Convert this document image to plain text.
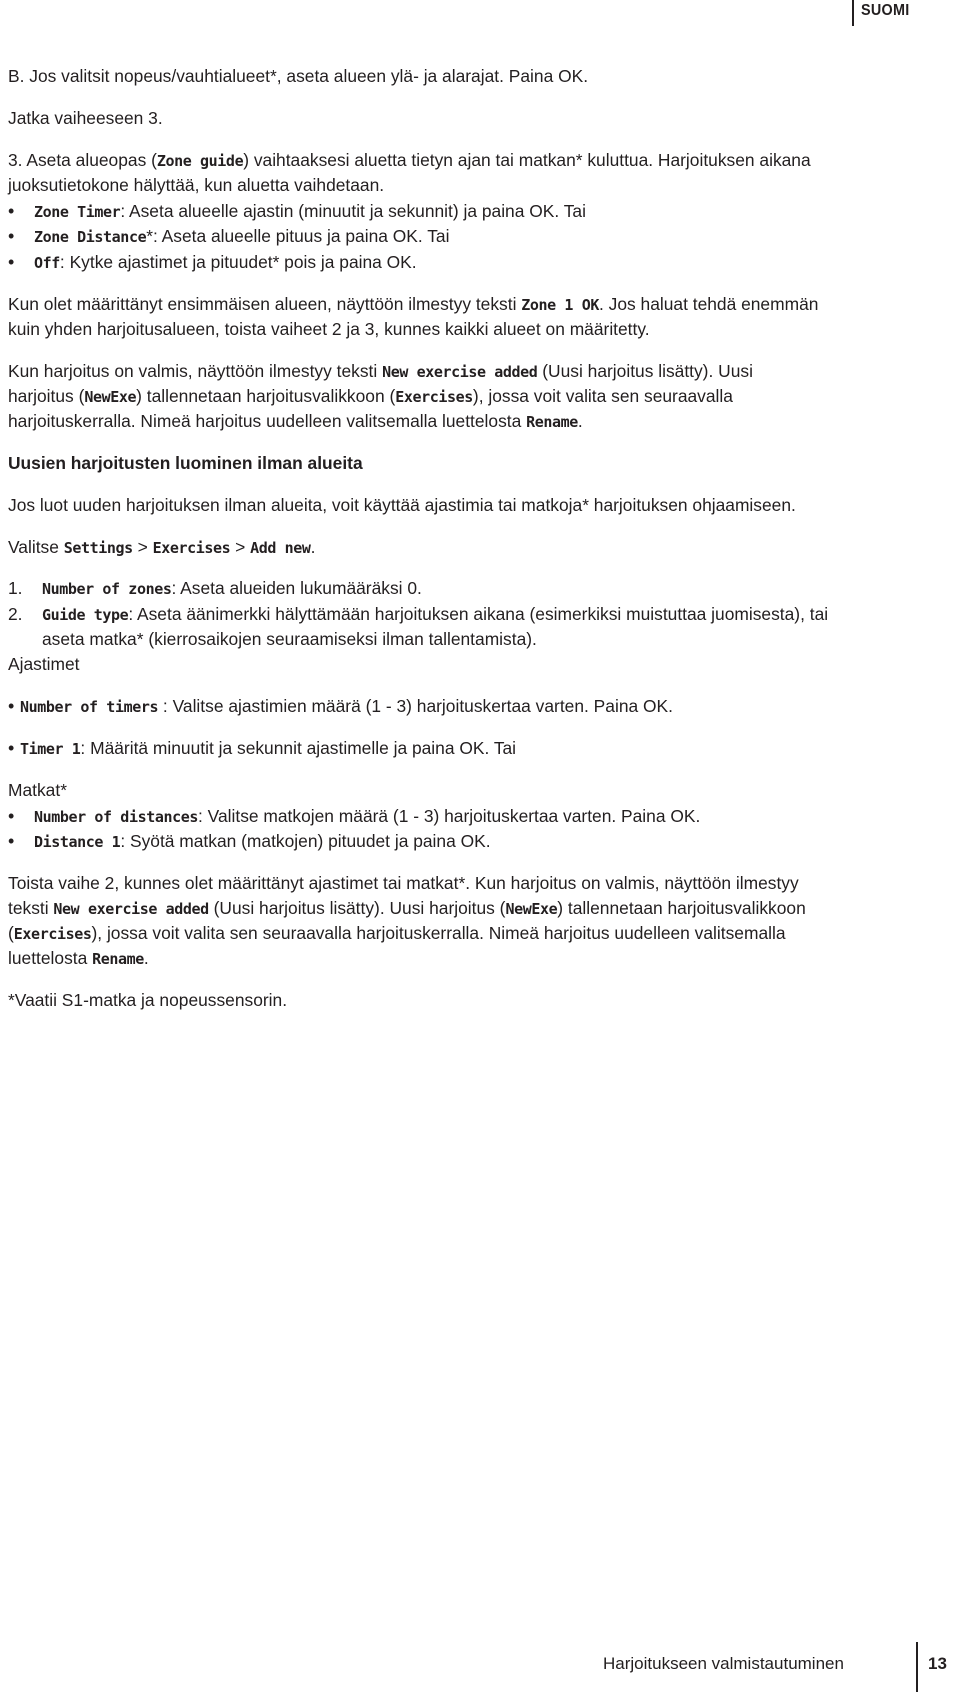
SUOMI
B. Jos valitsit nopeus/vauhtialueet*, aseta alueen ylä- ja alarajat. Paina OK.
Jatka vaiheeseen 3.
3. Aseta alueopas (Zone guide) vaihtaaksesi aluetta tietyn ajan tai matkan* kuluttua. Harjoituksen aikana
juoksutietokone hälyttää, kun aluetta vaihdetaan.
• Zone Timer: Aseta alueelle ajastin (minuutit ja sekunnit) ja paina OK. Tai
• Zone Distance*: Aseta alueelle pituus ja paina OK. Tai
• Off: Kytke ajastimet ja pituudet* pois ja paina OK.
Kun olet määrittänyt ensimmäisen alueen, näyttöön ilmestyy teksti Zone 1 OK. Jos haluat tehdä enemmän
kuin yhden harjoitusalueen, toista vaiheet 2 ja 3, kunnes kaikki alueet on määritetty.
Kun harjoitus on valmis, näyttöön ilmestyy teksti New exercise added (Uusi harjoitus lisätty). Uusi
harjoitus (NewExe) tallennetaan harjoitusvalikkoon (Exercises), jossa voit valita sen seuraavalla
harjoituskerralla. Nimeä harjoitus uudelleen valitsemalla luettelosta Rename.
Uusien harjoitusten luominen ilman alueita
Jos luot uuden harjoituksen ilman alueita, voit käyttää ajastimia tai matkoja* harjoituksen ohjaamiseen.
Valitse Settings > Exercises > Add new.
1. Number of zones: Aseta alueiden lukumääräksi 0.
2. Guide type: Aseta äänimerkki hälyttämään harjoituksen aikana (esimerkiksi muistuttaa juomisesta), tai
aseta matka* (kierrosaikojen seuraamiseksi ilman tallentamista).
Ajastimet
• Number of timers : Valitse ajastimien määrä (1 - 3) harjoituskertaa varten. Paina OK.
• Timer 1: Määritä minuutit ja sekunnit ajastimelle ja paina OK. Tai
Matkat*
• Number of distances: Valitse matkojen määrä (1 - 3) harjoituskertaa varten. Paina OK.
• Distance 1: Syötä matkan (matkojen) pituudet ja paina OK.
Toista vaihe 2, kunnes olet määrittänyt ajastimet tai matkat*. Kun harjoitus on valmis, näyttöön ilmestyy
teksti New exercise added (Uusi harjoitus lisätty). Uusi harjoitus (NewExe) tallennetaan harjoitusvalikkoon
(Exercises), jossa voit valita sen seuraavalla harjoituskerralla. Nimeä harjoitus uudelleen valitsemalla
luettelosta Rename.
*Vaatii S1-matka ja nopeussensorin.
Harjoitukseen valmistautuminen	13
